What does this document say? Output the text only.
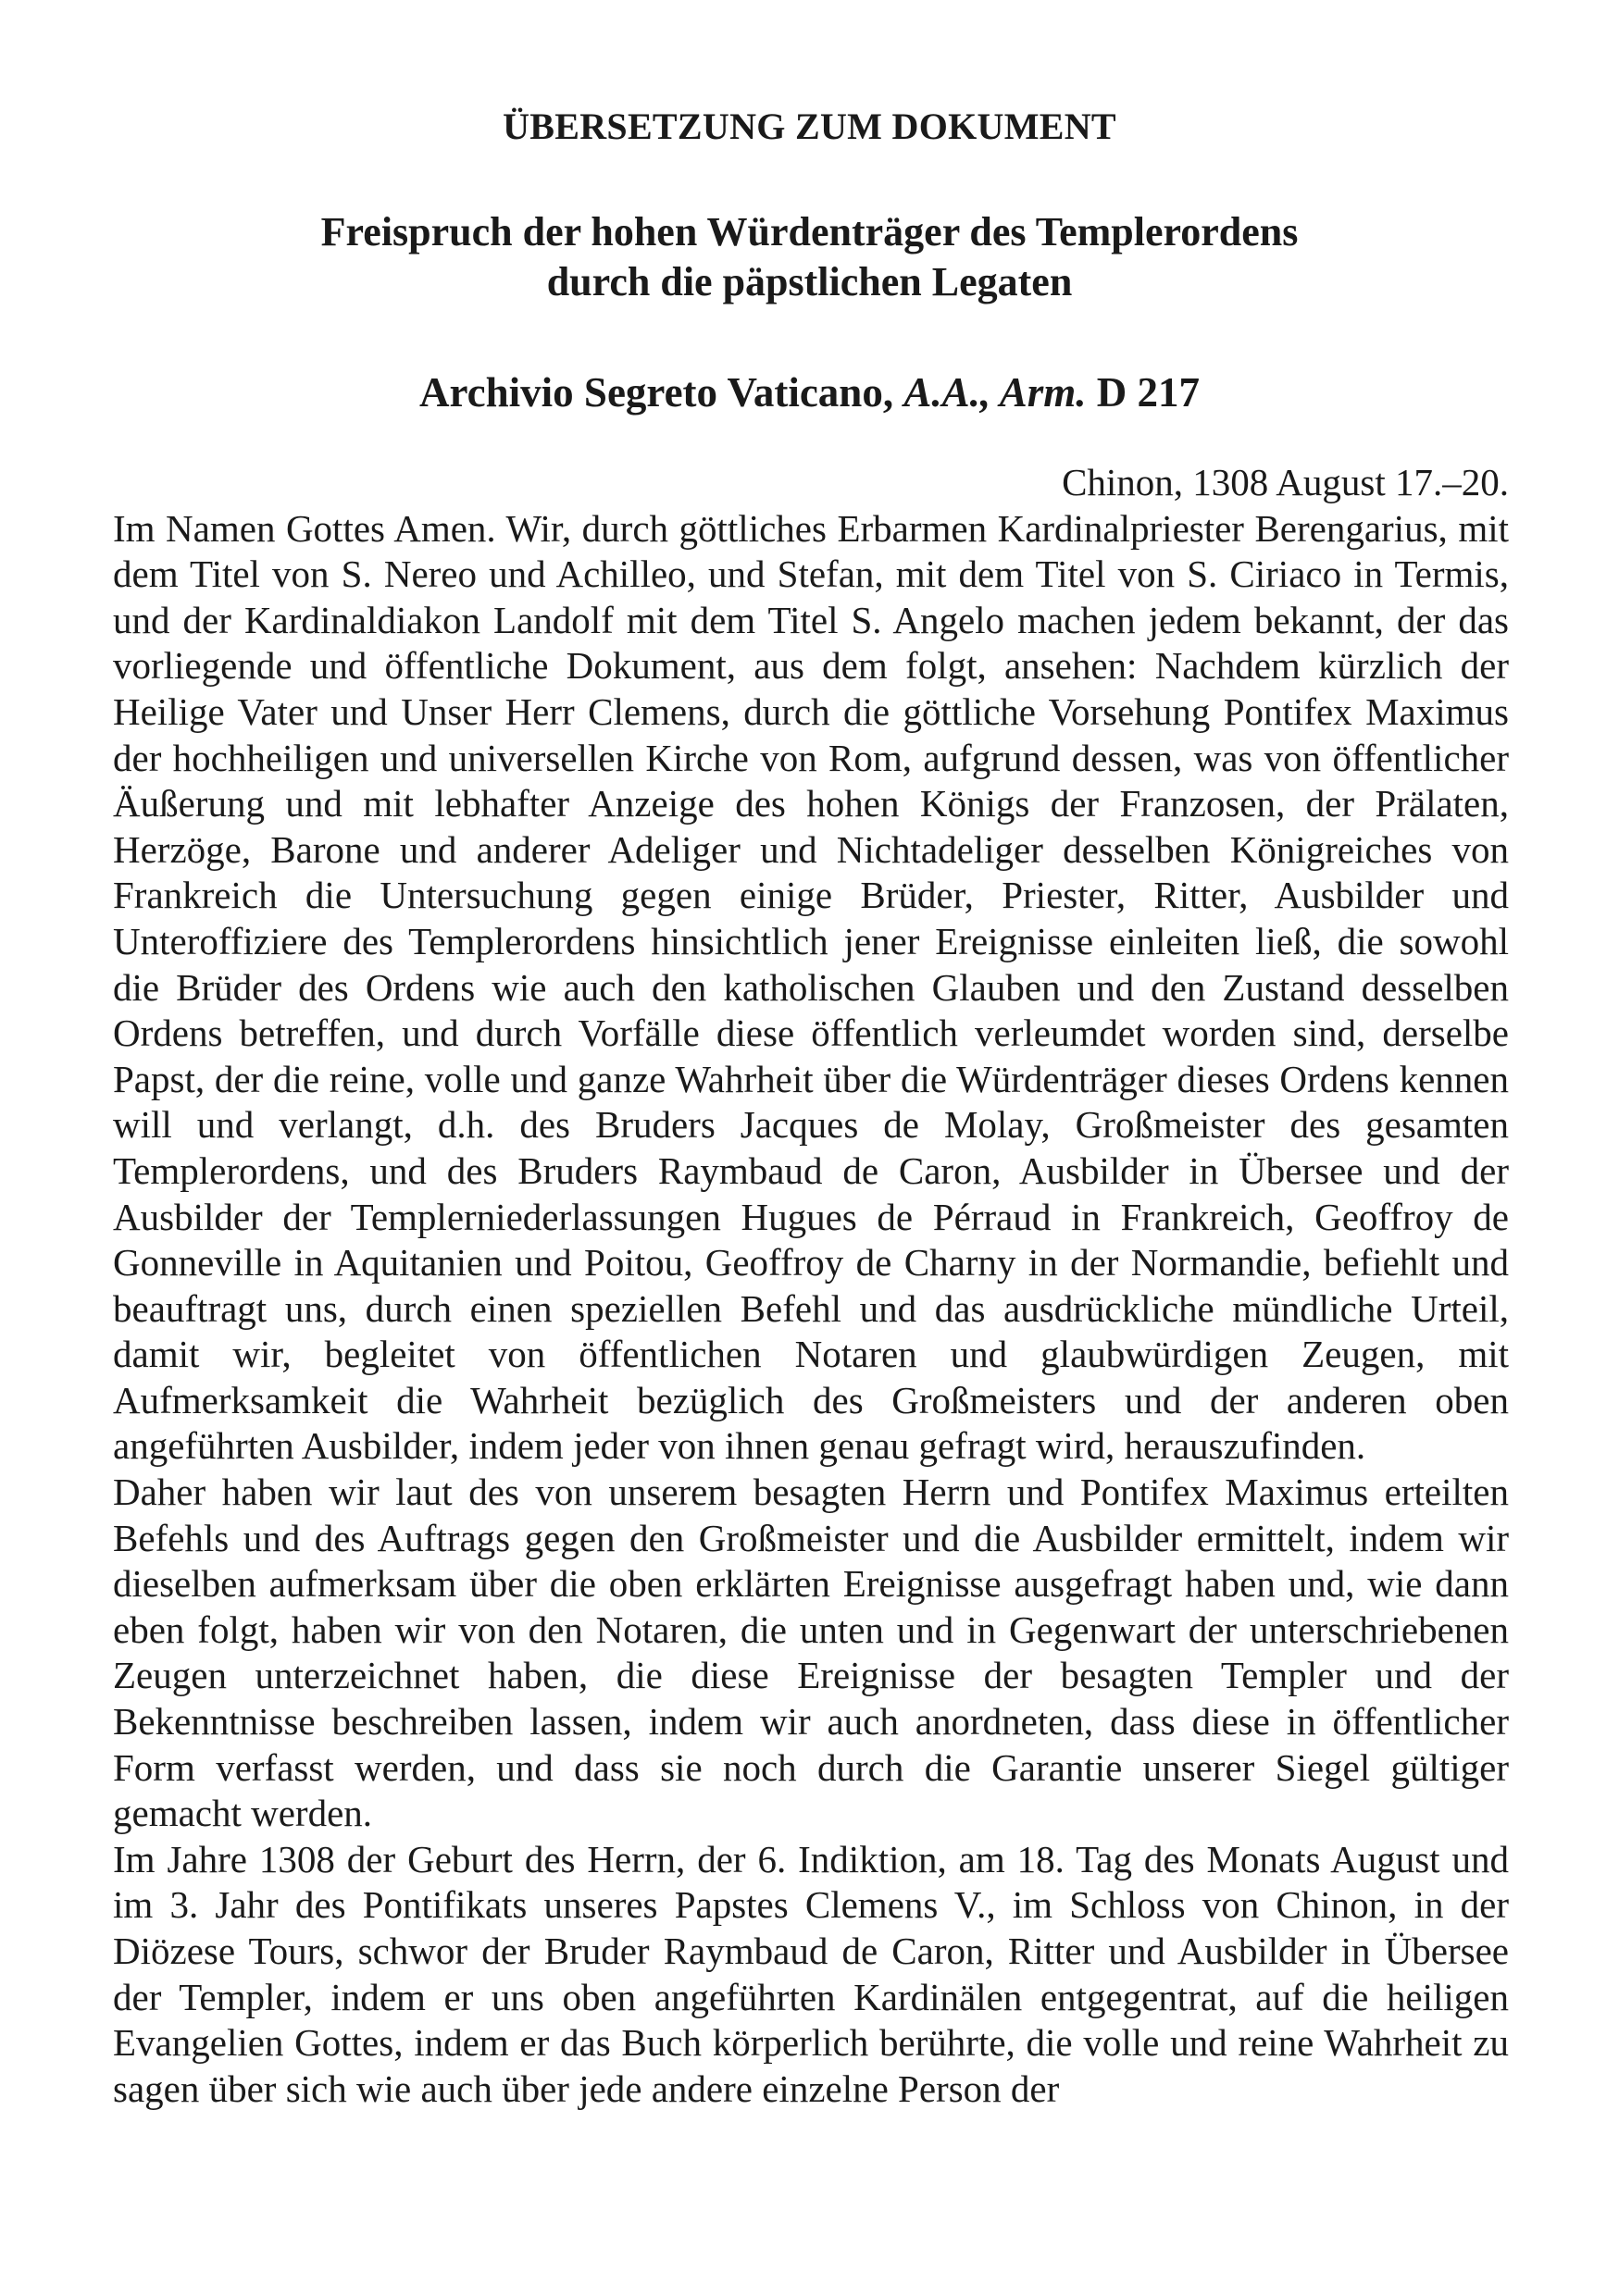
ÜBERSETZUNG ZUM DOKUMENT
Freispruch der hohen Würdenträger des Templerordens
durch die päpstlichen Legaten
Archivio Segreto Vaticano, A.A., Arm. D 217

Chinon, 1308 August 17.–20.

Im Namen Gottes Amen. Wir, durch göttliches Erbarmen Kardinalpriester Berengarius, mit dem Titel von S. Nereo und Achilleo, und Stefan, mit dem Titel von S. Ciriaco in Termis, und der Kardinaldiakon Landolf mit dem Titel S. Angelo machen jedem bekannt, der das vorliegende und öffentliche Dokument, aus dem folgt, ansehen: Nachdem kürzlich der Heilige Vater und Unser Herr Clemens, durch die göttliche Vorsehung Pontifex Maximus der hochheiligen und universellen Kirche von Rom, aufgrund dessen, was von öffentlicher Äußerung und mit lebhafter Anzeige des hohen Königs der Franzosen, der Prälaten, Herzöge, Barone und anderer Adeliger und Nichtadeliger desselben Königreiches von Frankreich die Untersuchung gegen einige Brüder, Priester, Ritter, Ausbilder und Unteroffiziere des Templerordens hinsichtlich jener Ereignisse einleiten ließ, die sowohl die Brüder des Ordens wie auch den katholischen Glauben und den Zustand desselben Ordens betreffen, und durch Vorfälle diese öffentlich verleumdet worden sind, derselbe Papst, der die reine, volle und ganze Wahrheit über die Würdenträger dieses Ordens kennen will und verlangt, d.h. des Bruders Jacques de Molay, Großmeister des gesamten Templerordens, und des Bruders Raymbaud de Caron, Ausbilder in Übersee und der Ausbilder der Templerniederlassungen Hugues de Pérraud in Frankreich, Geoffroy de Gonneville in Aquitanien und Poitou, Geoffroy de Charny in der Normandie, befiehlt und beauftragt uns, durch einen speziellen Befehl und das ausdrückliche mündliche Urteil, damit wir, begleitet von öffentlichen Notaren und glaubwürdigen Zeugen, mit Aufmerksamkeit die Wahrheit bezüglich des Großmeisters und der anderen oben angeführten Ausbilder, indem jeder von ihnen genau gefragt wird, herauszufinden.

Daher haben wir laut des von unserem besagten Herrn und Pontifex Maximus erteilten Befehls und des Auftrags gegen den Großmeister und die Ausbilder ermittelt, indem wir dieselben aufmerksam über die oben erklärten Ereignisse ausgefragt haben und, wie dann eben folgt, haben wir von den Notaren, die unten und in Gegenwart der unterschriebenen Zeugen unterzeichnet haben, die diese Ereignisse der besagten Templer und der Bekenntnisse beschreiben lassen, indem wir auch anordneten, dass diese in öffentlicher Form verfasst werden, und dass sie noch durch die Garantie unserer Siegel gültiger gemacht werden.

Im Jahre 1308 der Geburt des Herrn, der 6. Indiktion, am 18. Tag des Monats August und im 3. Jahr des Pontifikats unseres Papstes Clemens V., im Schloss von Chinon, in der Diözese Tours, schwor der Bruder Raymbaud de Caron, Ritter und Ausbilder in Übersee der Templer, indem er uns oben angeführten Kardinälen entgegentrat, auf die heiligen Evangelien Gottes, indem er das Buch körperlich berührte, die volle und reine Wahrheit zu sagen über sich wie auch über jede andere einzelne Person der
